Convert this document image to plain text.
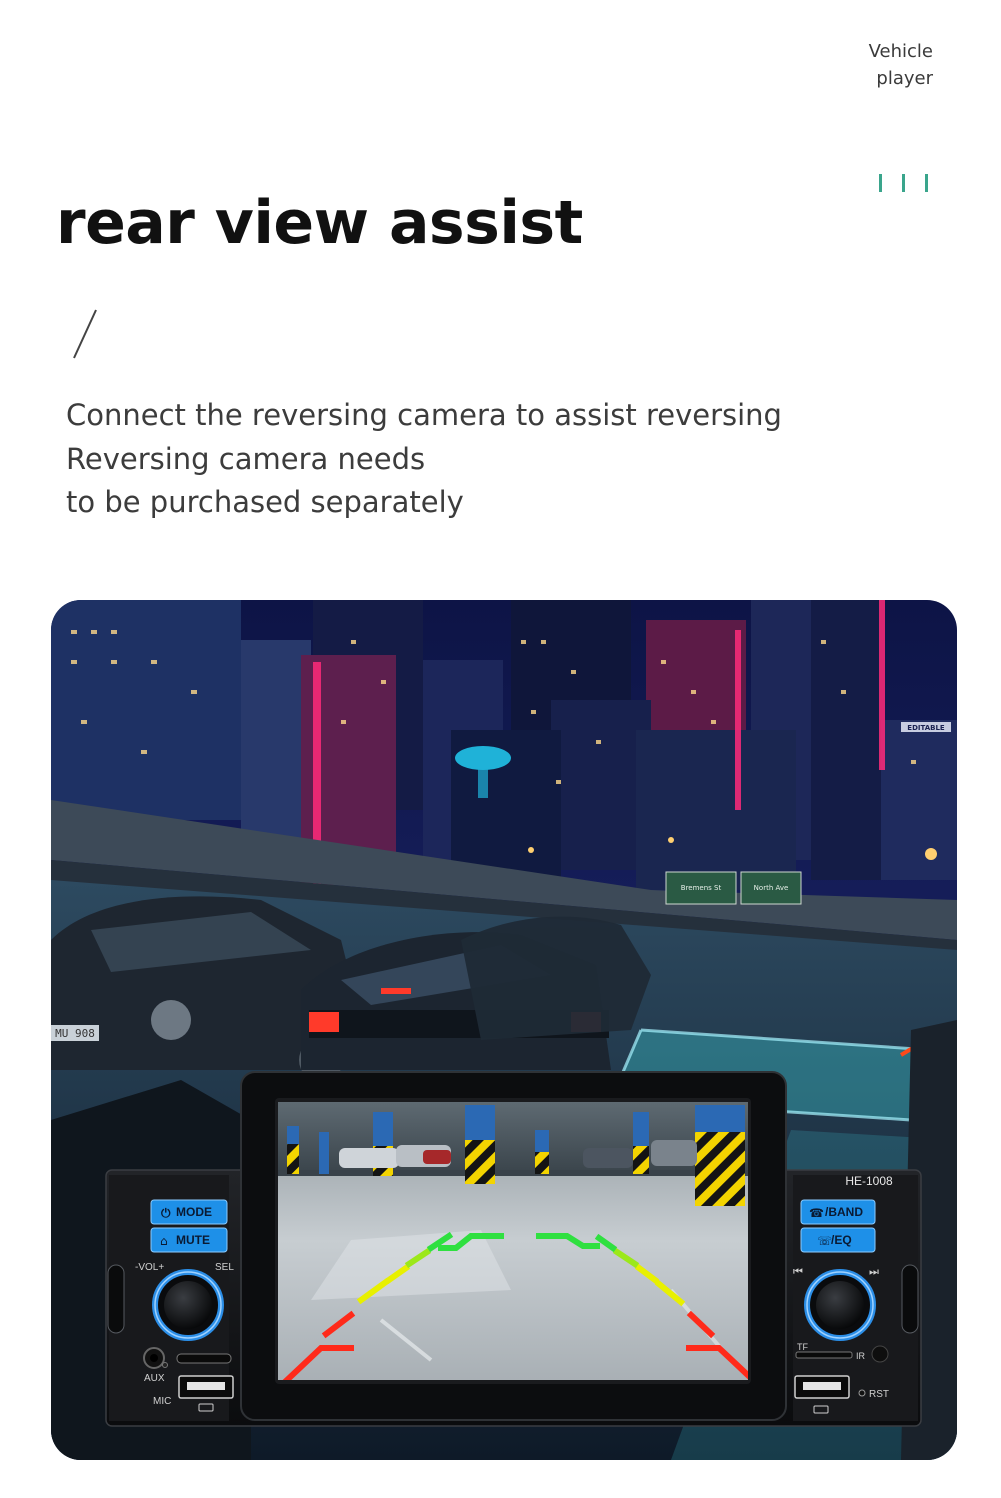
Vehicle
player
rear view assist
Connect the reversing camera to assist reversing
Reversing camera needs
to be purchased separately
EDITABLE
Bremens St	North Ave
MU 908
HE-1008
⏻ MODE
⌂ MUTE
-VOL+	SEL
AUX
MIC
☎ /BAND
☏
/EQ
⏮	⏭
TF
IR
RST
